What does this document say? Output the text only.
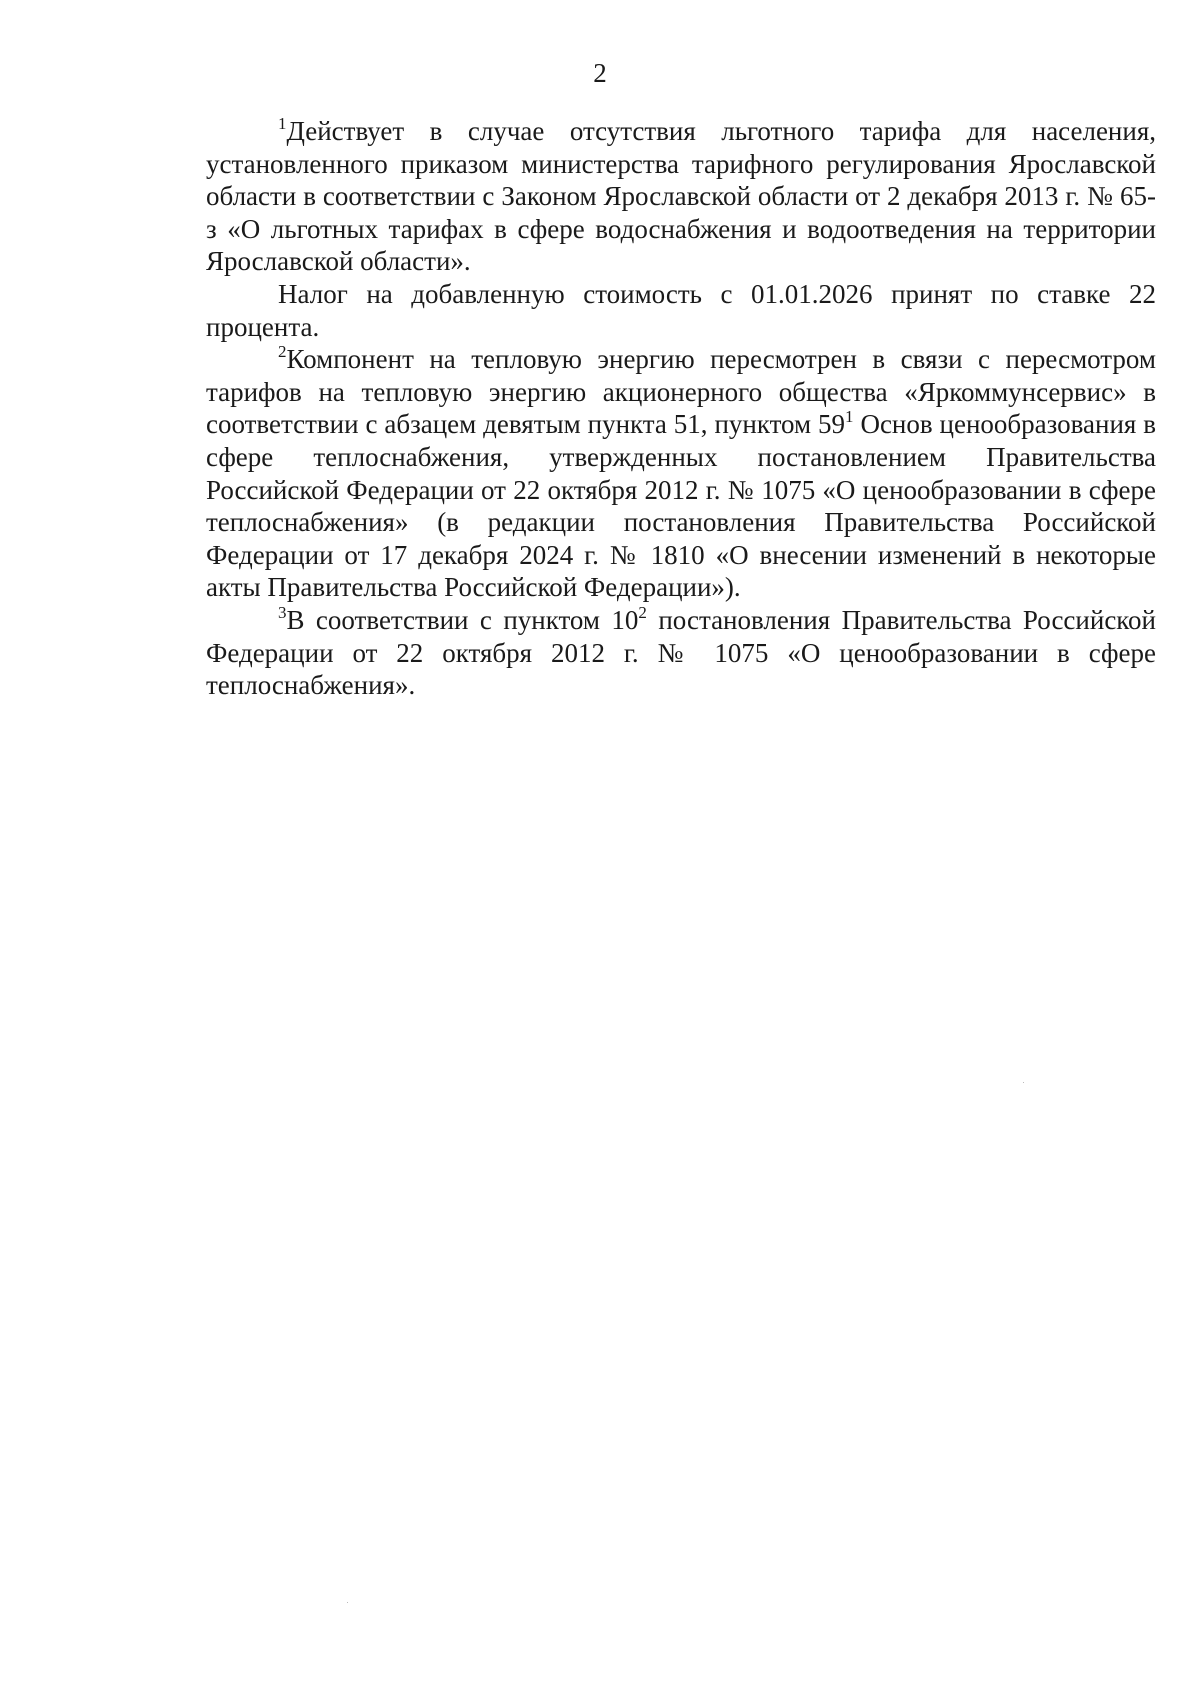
2

$^1$Действует в случае отсутствия льготного тарифа для населения, установленного приказом министерства тарифного регулирования Ярославской области в соответствии с Законом Ярославской области от 2 декабря 2013 г. № 65-з «О льготных тарифах в сфере водоснабжения и водоотведения на территории Ярославской области».

Налог на добавленную стоимость с 01.01.2026 принят по ставке 22 процента.

$^2$Компонент на тепловую энергию пересмотрен в связи с пересмотром тарифов на тепловую энергию акционерного общества «Яркоммунсервис» в соответствии с абзацем девятым пункта 51, пунктом $59^1$ Основ ценообразования в сфере теплоснабжения, утвержденных постановлением Правительства Российской Федерации от 22 октября 2012 г. № 1075 «О ценообразовании в сфере теплоснабжения» (в редакции постановления Правительства Российской Федерации от 17 декабря 2024 г. № 1810 «О внесении изменений в некоторые акты Правительства Российской Федерации»).

$^3$В соответствии с пунктом $10^2$ постановления Правительства Российской Федерации от 22 октября 2012 г. № 1075 «О ценообразовании в сфере теплоснабжения».
